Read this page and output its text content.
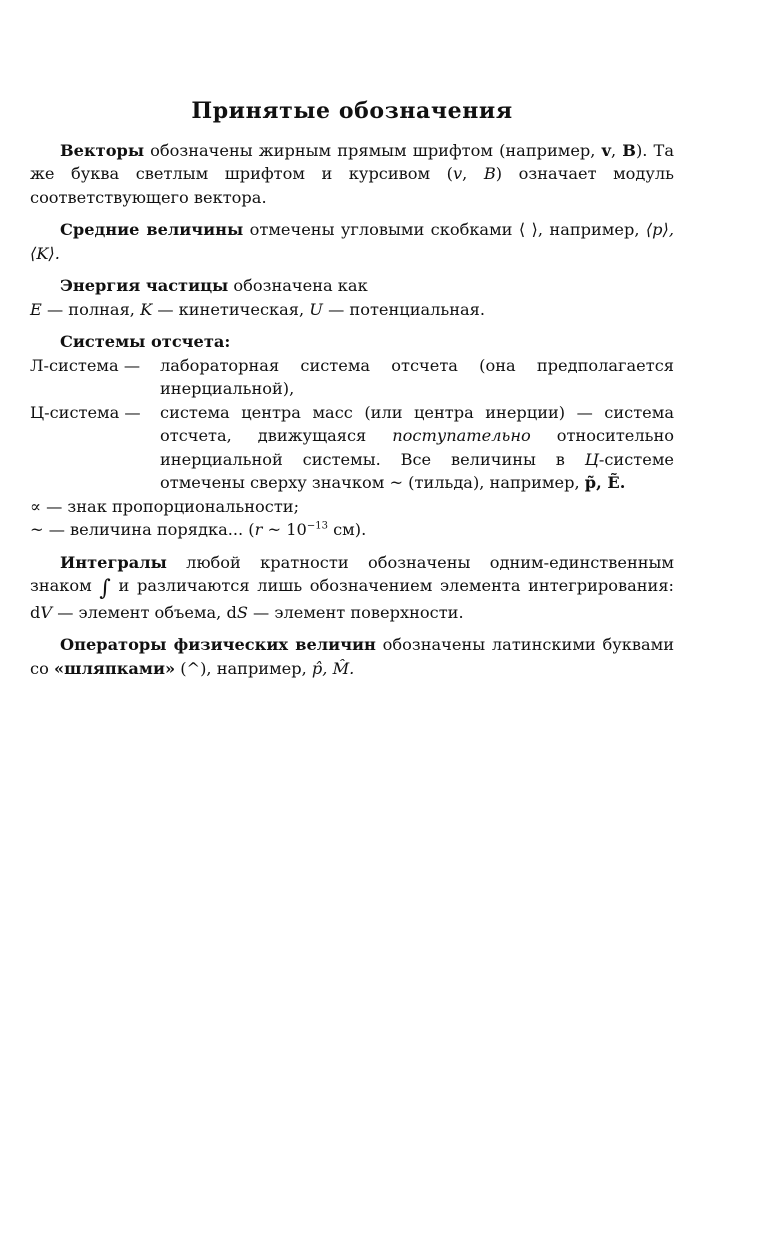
Принятые обозначения

Векторы обозначены жирным прямым шрифтом (например, v, B). Та же буква светлым шрифтом и курсивом (v, B) означает модуль соответствующего вектора.

Средние величины отмечены угловыми скобками ⟨ ⟩, например, ⟨p⟩, ⟨K⟩.

Энергия частицы обозначена как

E — полная, K — кинетическая, U — потенциальная.

Системы отсчета:

Л-система —	лабораторная система отсчета (она предполагается инерциальной),
Ц-система —	система центра масс (или центра инерции) — система отсчета, движущаяся поступательно относительно инерциальной системы. Все величины в Ц-системе отмечены сверху значком ~ (тильда), например, p̃, Ẽ.

∝ — знак пропорциональности;

~ — величина порядка... (r ~ $10^{-13}$ см).

Интегралы любой кратности обозначены одним-единственным знаком ∫ и различаются лишь обозначением элемента интегрирования: dV — элемент объема, dS — элемент поверхности.

Операторы физических величин обозначены латинскими буквами со «шляпками» (^), например, p̂, M̂.
